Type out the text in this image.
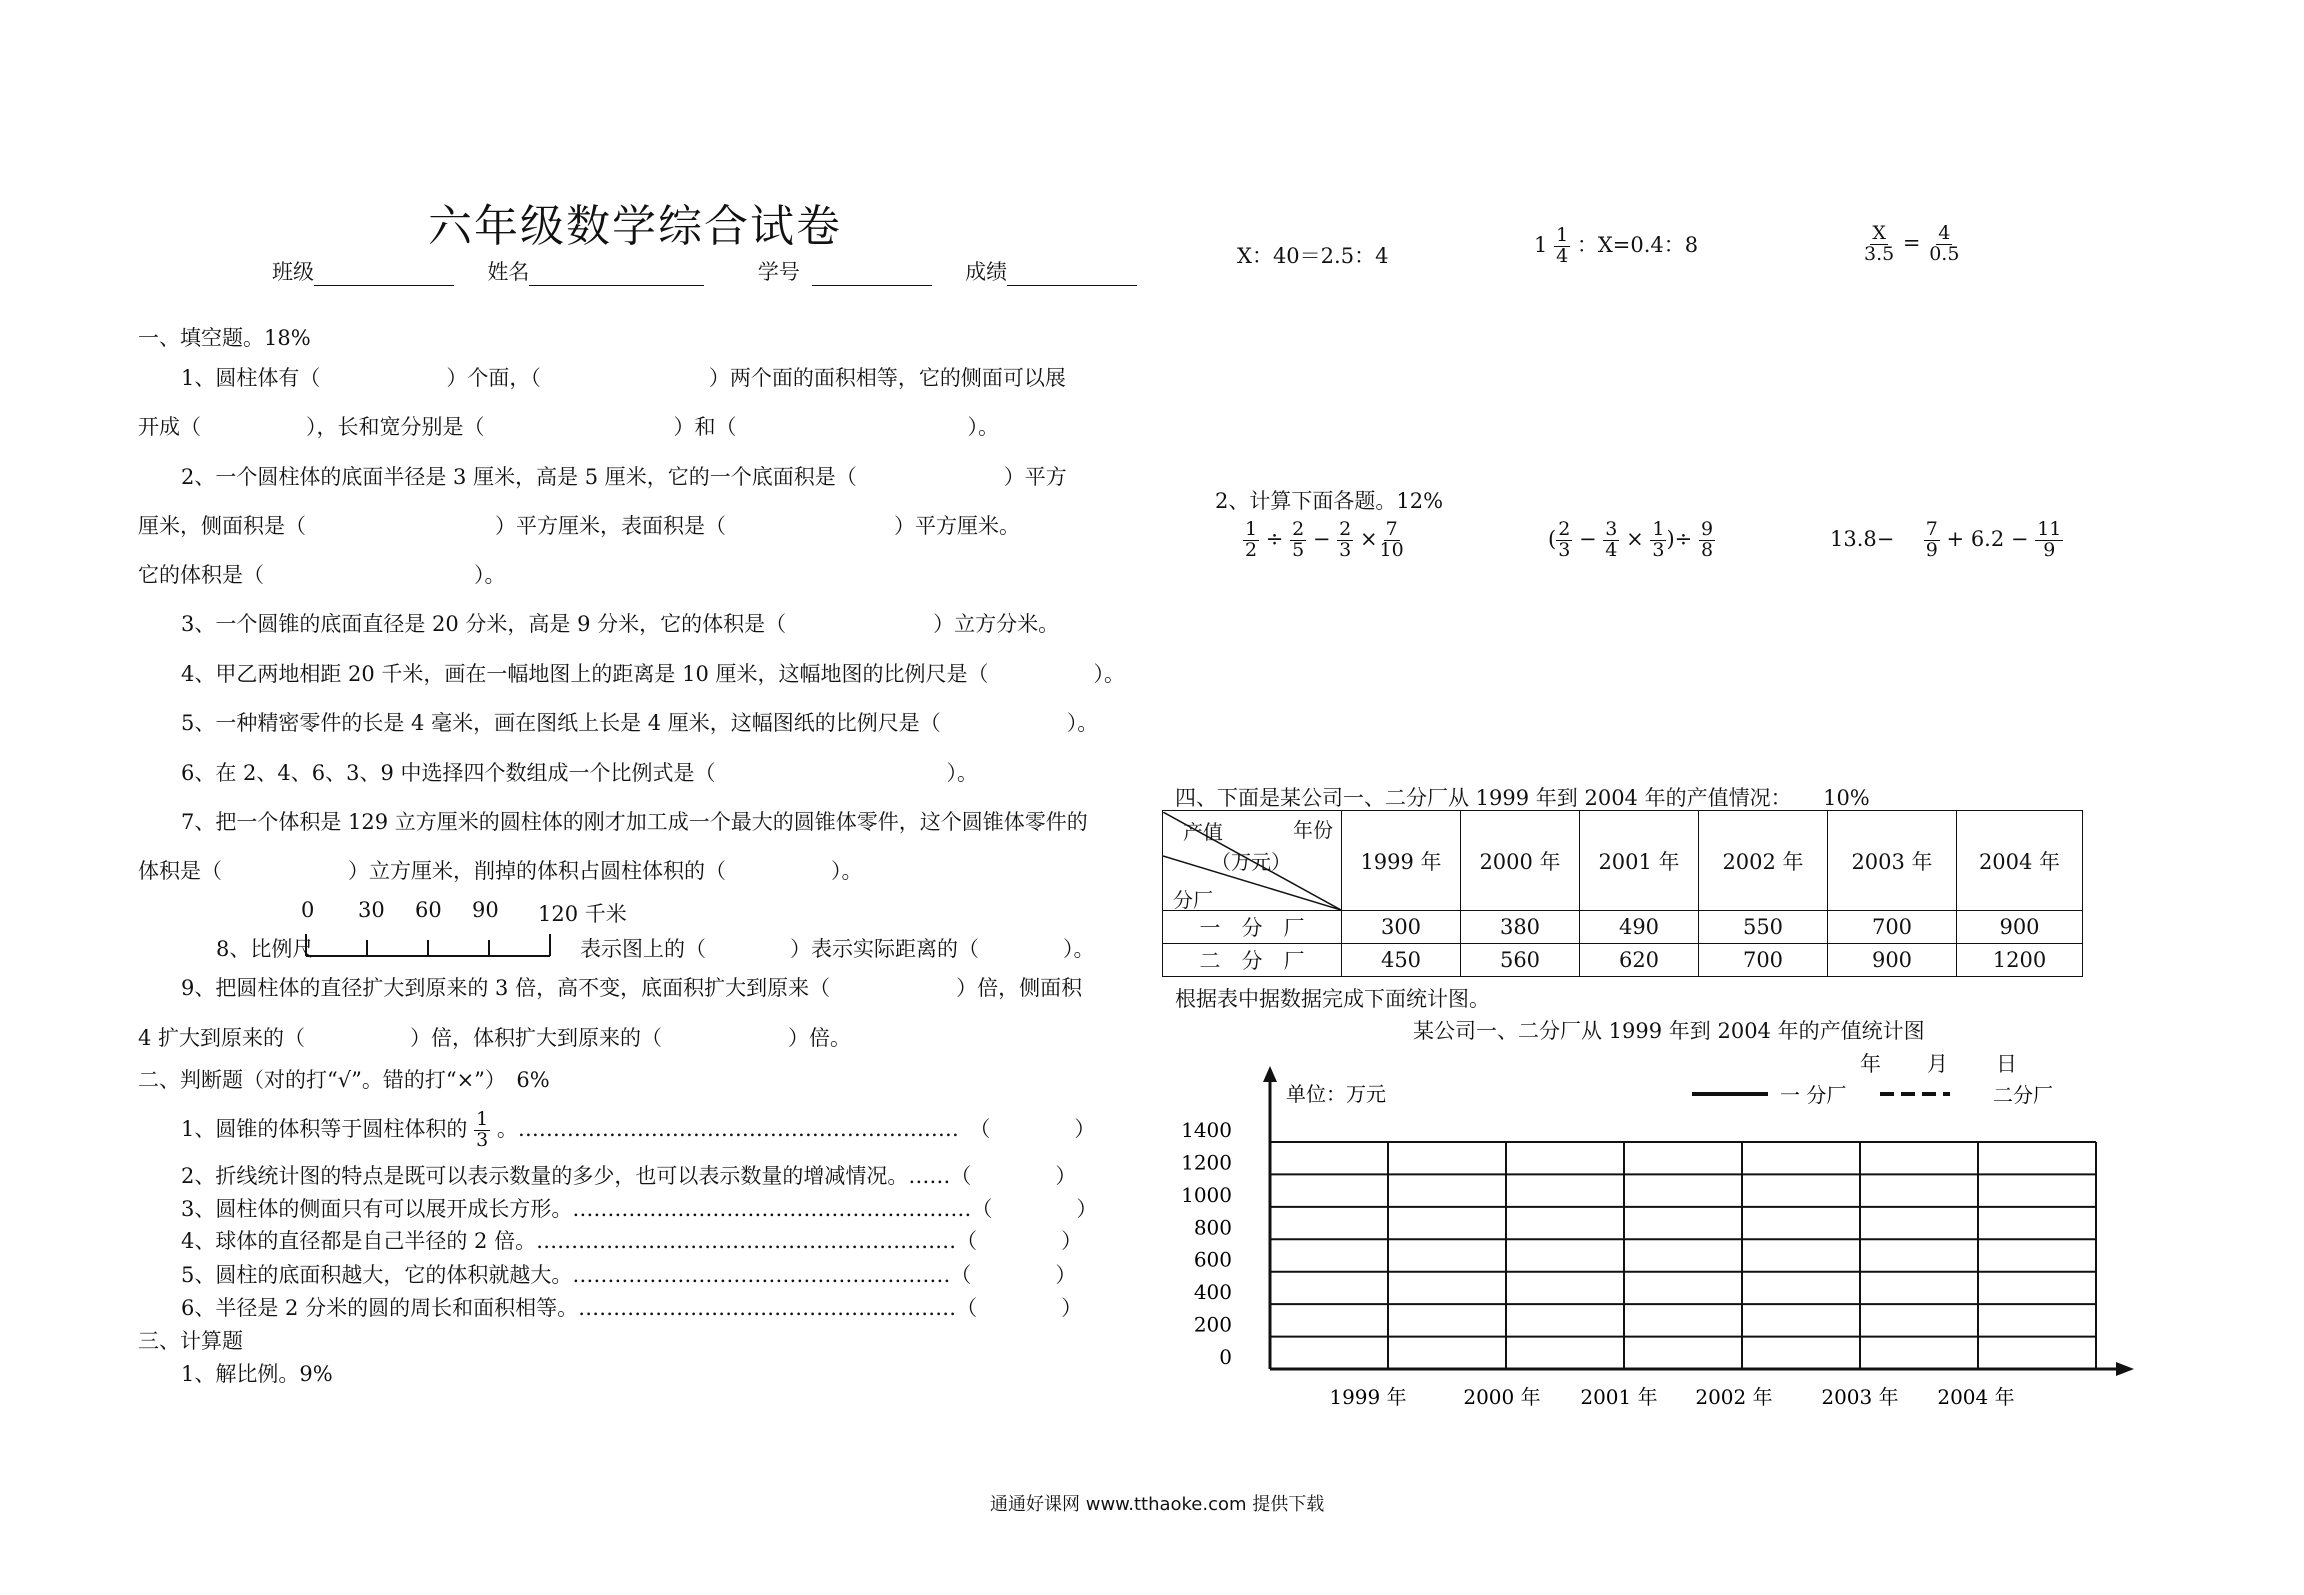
六年级数学综合试卷
班级	姓名	学号	成绩
一、填空题。18%
1、圆柱体有（　　　　　　）个面，（　　　　　　　　）两个面的面积相等，它的侧面可以展
开成（　　　　　），长和宽分别是（　　　　　　　　　）和（　　　　　　　　　　　）。
2、一个圆柱体的底面半径是 3 厘米，高是 5 厘米，它的一个底面积是（　　　　　　　）平方
厘米，侧面积是（　　　　　　　　　）平方厘米，表面积是（　　　　　　　　）平方厘米。
它的体积是（　　　　　　　　　　）。
3、一个圆锥的底面直径是 20 分米，高是 9 分米，它的体积是（　　　　　　　）立方分米。
4、甲乙两地相距 20 千米，画在一幅地图上的距离是 10 厘米，这幅地图的比例尺是（　　　　　）。
5、一种精密零件的长是 4 毫米，画在图纸上长是 4 厘米，这幅图纸的比例尺是（　　　　　　）。
6、在 2、4、6、3、9 中选择四个数组成一个比例式是（　　　　　　　　　　　）。
7、把一个体积是 129 立方厘米的圆柱体的刚才加工成一个最大的圆锥体零件，这个圆锥体零件的
体积是（　　　　　　）立方厘米，削掉的体积占圆柱体积的（　　　　　）。
0 30 60 90 120 千米
8、比例尺	表示图上的（　　　　）表示实际距离的（　　　　）。
9、把圆柱体的直径扩大到原来的 3 倍，高不变，底面积扩大到原来（　　　　　　）倍，侧面积
4 扩大到原来的（　　　　　）倍，体积扩大到原来的（　　　　　　）倍。
二、判断题（对的打“√”。错的打“×”）　6%
1、圆锥的体积等于圆柱体积的 $\frac{1}{3}$ 。………………………………………………………　（　　　　）
2、折线统计图的特点是既可以表示数量的多少，也可以表示数量的增减情况。……（　　　　）
3、圆柱体的侧面只有可以展开成长方形。…………………………………………………（　　　　）
4、球体的直径都是自己半径的 2 倍。……………………………………………………（　　　　）
5、圆柱的底面积越大，它的体积就越大。………………………………………………（　　　　）
6、半径是 2 分米的圆的周长和面积相等。………………………………………………（　　　　）
三、计算题
1、解比例。9%
X：40＝2.5：4	$1 \frac{1}{4}$ ：X=0.4：8	$\frac{X}{3.5} = \frac{4}{0.5}$
2、计算下面各题。12%
$\frac{1}{2} \div \frac{2}{5} - \frac{2}{3} \times \frac{7}{10}$	( $\frac{2}{3} - \frac{3}{4} \times \frac{1}{3}$ )÷ $\frac{9}{8}$	$13.8- \frac{7}{9} + 6.2 - \frac{11}{9}$
四、下面是某公司一、二分厂从 1999 年到 2004 年的产值情况：　　10%
年份
产值
（万元）
分厂	1999 年	2000 年	2001 年	2002 年	2003 年	2004 年
一　分　厂	300	380	490	550	700	900
二　分　厂	450	560	620	700	900	1200
根据表中据数据完成下面统计图。
某公司一、二分厂从 1999 年到 2004 年的产值统计图
年 月 日
单位：万元	一 分厂	二分厂
1400
1200
1000
800
600
400
200
0
1999 年	2000 年 2001 年 2002 年 2003 年 2004 年
通通好课网 www.tthaoke.com 提供下载
